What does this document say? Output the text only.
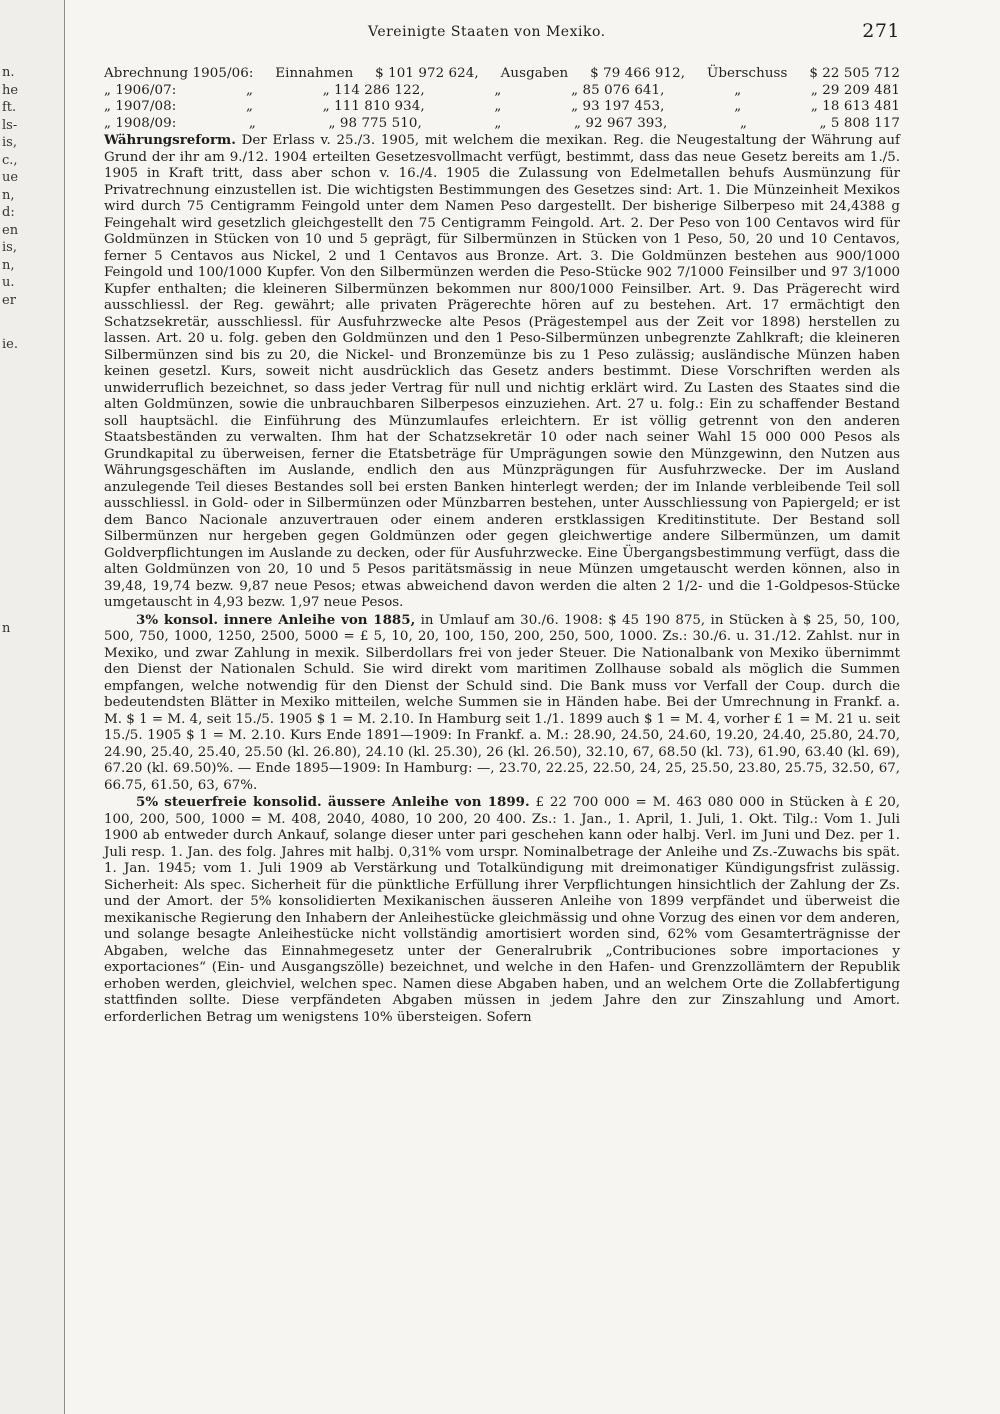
n.
he
ft.
ls-
is,
c.,
ue
n,
d:
en
is,
n,
u.
er
ie.
n
Vereinigte Staaten von Mexiko.	271
Abrechnung 1905/06: Einnahmen $ 101 972 624, Ausgaben $ 79 466 912, Überschuss $ 22 505 712
„ 1906/07:	„	„ 114 286 122,	„	„ 85 076 641,	„	„ 29 209 481
„ 1907/08:	„	„ 111 810 934,	„	„ 93 197 453,	„	„ 18 613 481
„ 1908/09:	„	„ 98 775 510,	„	„ 92 967 393,	„	„ 5 808 117

Währungsreform. Der Erlass v. 25./3. 1905, mit welchem die mexikan. Reg. die Neugestaltung der Währung auf Grund der ihr am 9./12. 1904 erteilten Gesetzesvollmacht verfügt, bestimmt, dass das neue Gesetz bereits am 1./5. 1905 in Kraft tritt, dass aber schon v. 16./4. 1905 die Zulassung von Edelmetallen behufs Ausmünzung für Privatrechnung einzustellen ist. Die wichtigsten Bestimmungen des Gesetzes sind: Art. 1. Die Münzeinheit Mexikos wird durch 75 Centigramm Feingold unter dem Namen Peso dargestellt. Der bisherige Silberpeso mit 24,4388 g Feingehalt wird gesetzlich gleichgestellt den 75 Centigramm Feingold. Art. 2. Der Peso von 100 Centavos wird für Goldmünzen in Stücken von 10 und 5 geprägt, für Silbermünzen in Stücken von 1 Peso, 50, 20 und 10 Centavos, ferner 5 Centavos aus Nickel, 2 und 1 Centavos aus Bronze. Art. 3. Die Goldmünzen bestehen aus 900/1000 Feingold und 100/1000 Kupfer. Von den Silbermünzen werden die Peso-Stücke 902 7/1000 Feinsilber und 97 3/1000 Kupfer enthalten; die kleineren Silbermünzen bekommen nur 800/1000 Feinsilber. Art. 9. Das Prägerecht wird ausschliessl. der Reg. gewährt; alle privaten Prägerechte hören auf zu bestehen. Art. 17 ermächtigt den Schatzsekretär, ausschliessl. für Ausfuhrzwecke alte Pesos (Prägestempel aus der Zeit vor 1898) herstellen zu lassen. Art. 20 u. folg. geben den Goldmünzen und den 1 Peso-Silbermünzen unbegrenzte Zahlkraft; die kleineren Silbermünzen sind bis zu 20, die Nickel- und Bronzemünze bis zu 1 Peso zulässig; ausländische Münzen haben keinen gesetzl. Kurs, soweit nicht ausdrücklich das Gesetz anders bestimmt. Diese Vorschriften werden als unwiderruflich bezeichnet, so dass jeder Vertrag für null und nichtig erklärt wird. Zu Lasten des Staates sind die alten Goldmünzen, sowie die unbrauchbaren Silberpesos einzuziehen. Art. 27 u. folg.: Ein zu schaffender Bestand soll hauptsächl. die Einführung des Münzumlaufes erleichtern. Er ist völlig getrennt von den anderen Staatsbeständen zu verwalten. Ihm hat der Schatzsekretär 10 oder nach seiner Wahl 15 000 000 Pesos als Grundkapital zu überweisen, ferner die Etatsbeträge für Umprägungen sowie den Münzgewinn, den Nutzen aus Währungsgeschäften im Auslande, endlich den aus Münzprägungen für Ausfuhrzwecke. Der im Ausland anzulegende Teil dieses Bestandes soll bei ersten Banken hinterlegt werden; der im Inlande verbleibende Teil soll ausschliessl. in Gold- oder in Silbermünzen oder Münzbarren bestehen, unter Ausschliessung von Papiergeld; er ist dem Banco Nacionale anzuvertrauen oder einem anderen erstklassigen Kreditinstitute. Der Bestand soll Silbermünzen nur hergeben gegen Goldmünzen oder gegen gleichwertige andere Silbermünzen, um damit Goldverpflichtungen im Auslande zu decken, oder für Ausfuhrzwecke. Eine Übergangsbestimmung verfügt, dass die alten Goldmünzen von 20, 10 und 5 Pesos paritätsmässig in neue Münzen umgetauscht werden können, also in 39,48, 19,74 bezw. 9,87 neue Pesos; etwas abweichend davon werden die alten 2 1/2- und die 1-Goldpesos-Stücke umgetauscht in 4,93 bezw. 1,97 neue Pesos.

3% konsol. innere Anleihe von 1885, in Umlauf am 30./6. 1908: $ 45 190 875, in Stücken à $ 25, 50, 100, 500, 750, 1000, 1250, 2500, 5000 = £ 5, 10, 20, 100, 150, 200, 250, 500, 1000. Zs.: 30./6. u. 31./12. Zahlst. nur in Mexiko, und zwar Zahlung in mexik. Silberdollars frei von jeder Steuer. Die Nationalbank von Mexiko übernimmt den Dienst der Nationalen Schuld. Sie wird direkt vom maritimen Zollhause sobald als möglich die Summen empfangen, welche notwendig für den Dienst der Schuld sind. Die Bank muss vor Verfall der Coup. durch die bedeutendsten Blätter in Mexiko mitteilen, welche Summen sie in Händen habe. Bei der Umrechnung in Frankf. a. M. $ 1 = M. 4, seit 15./5. 1905 $ 1 = M. 2.10. In Hamburg seit 1./1. 1899 auch $ 1 = M. 4, vorher £ 1 = M. 21 u. seit 15./5. 1905 $ 1 = M. 2.10. Kurs Ende 1891—1909: In Frankf. a. M.: 28.90, 24.50, 24.60, 19.20, 24.40, 25.80, 24.70, 24.90, 25.40, 25.40, 25.50 (kl. 26.80), 24.10 (kl. 25.30), 26 (kl. 26.50), 32.10, 67, 68.50 (kl. 73), 61.90, 63.40 (kl. 69), 67.20 (kl. 69.50)%. — Ende 1895—1909: In Hamburg: —, 23.70, 22.25, 22.50, 24, 25, 25.50, 23.80, 25.75, 32.50, 67, 66.75, 61.50, 63, 67%.

5% steuerfreie konsolid. äussere Anleihe von 1899. £ 22 700 000 = M. 463 080 000 in Stücken à £ 20, 100, 200, 500, 1000 = M. 408, 2040, 4080, 10 200, 20 400. Zs.: 1. Jan., 1. April, 1. Juli, 1. Okt. Tilg.: Vom 1. Juli 1900 ab entweder durch Ankauf, solange dieser unter pari geschehen kann oder halbj. Verl. im Juni und Dez. per 1. Juli resp. 1. Jan. des folg. Jahres mit halbj. 0,31% vom urspr. Nominalbetrage der Anleihe und Zs.-Zuwachs bis spät. 1. Jan. 1945; vom 1. Juli 1909 ab Verstärkung und Totalkündigung mit dreimonatiger Kündigungsfrist zulässig. Sicherheit: Als spec. Sicherheit für die pünktliche Erfüllung ihrer Verpflichtungen hinsichtlich der Zahlung der Zs. und der Amort. der 5% konsolidierten Mexikanischen äusseren Anleihe von 1899 verpfändet und überweist die mexikanische Regierung den Inhabern der Anleihestücke gleichmässig und ohne Vorzug des einen vor dem anderen, und solange besagte Anleihestücke nicht vollständig amortisiert worden sind, 62% vom Gesamterträgnisse der Abgaben, welche das Einnahmegesetz unter der Generalrubrik „Contribuciones sobre importaciones y exportaciones“ (Ein- und Ausgangszölle) bezeichnet, und welche in den Hafen- und Grenzzollämtern der Republik erhoben werden, gleichviel, welchen spec. Namen diese Abgaben haben, und an welchem Orte die Zollabfertigung stattfinden sollte. Diese verpfändeten Abgaben müssen in jedem Jahre den zur Zinszahlung und Amort. erforderlichen Betrag um wenigstens 10% übersteigen. Sofern
